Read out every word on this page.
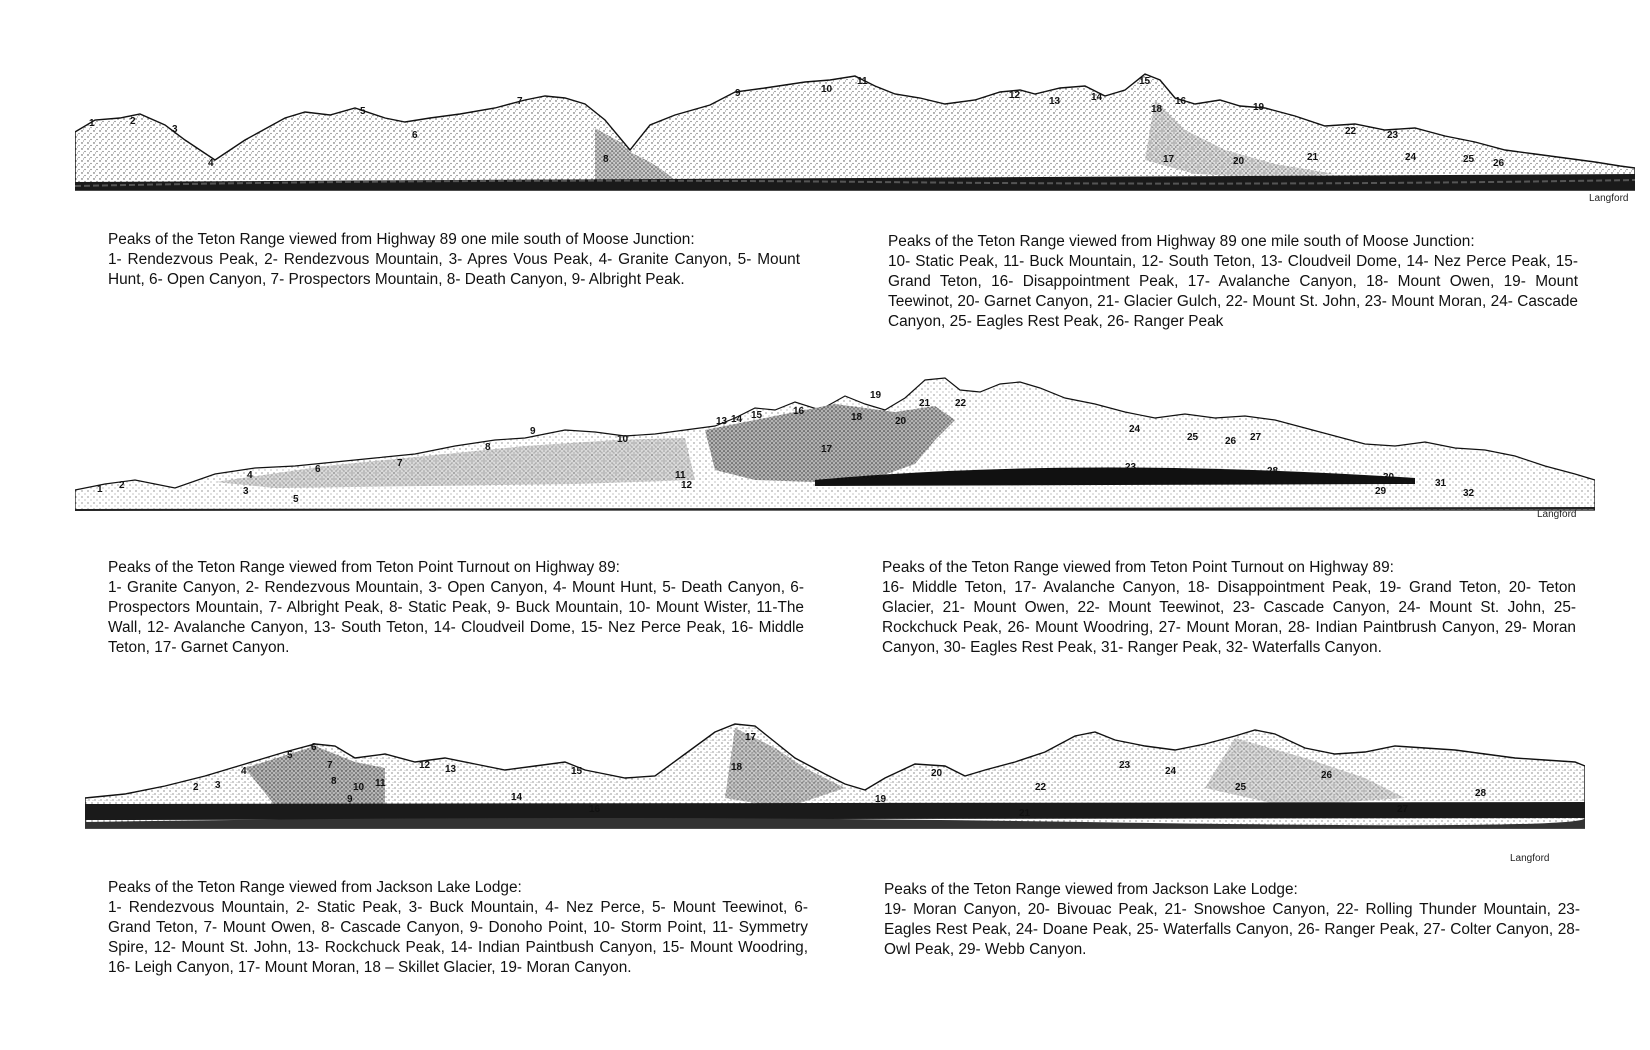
1	2
3
4
5
6
7
8
9	10
11
12
13	14
15
16
17
18	19
20	21
22	23
24	25 26
Langford
Peaks of the Teton Range viewed from Highway 89 one mile south of Moose Junction:
1- Rendezvous Peak, 2- Rendezvous Mountain, 3- Apres Vous Peak, 4- Granite Canyon, 5- Mount Hunt, 6- Open Canyon, 7- Prospectors Mountain, 8- Death Canyon, 9- Albright Peak.
Peaks of the Teton Range viewed from Highway 89 one mile south of Moose Junction:
10- Static Peak, 11- Buck Mountain, 12- South Teton, 13- Cloudveil Dome, 14- Nez Perce Peak, 15- Grand Teton, 16- Disappointment Peak, 17- Avalanche Canyon, 18- Mount Owen, 19- Mount Teewinot, 20- Garnet Canyon, 21- Glacier Gulch, 22- Mount St. John, 23- Mount Moran, 24- Cascade Canyon, 25- Eagles Rest Peak, 26- Ranger Peak
1 2
3
4
5
6
7
8
9
10
11
12
13 14 15	16
17
18
19
20
21 22
23
24
25	26 27
28
29
30
31
32
Langford
Peaks of the Teton Range viewed from Teton Point Turnout on Highway 89:
1- Granite Canyon, 2- Rendezvous Mountain, 3- Open Canyon, 4- Mount Hunt, 5- Death Canyon, 6- Prospectors Mountain, 7- Albright Peak, 8- Static Peak, 9- Buck Mountain, 10- Mount Wister, 11-The Wall, 12- Avalanche Canyon, 13- South Teton, 14- Cloudveil Dome, 15- Nez Perce Peak, 16- Middle Teton, 17- Garnet Canyon.
Peaks of the Teton Range viewed from Teton Point Turnout on Highway 89:
16- Middle Teton, 17- Avalanche Canyon, 18- Disappointment Peak, 19- Grand Teton, 20- Teton Glacier, 21- Mount Owen, 22- Mount Teewinot, 23- Cascade Canyon, 24- Mount St. John, 25- Rockchuck Peak, 26- Mount Woodring, 27- Mount Moran, 28- Indian Paintbrush Canyon, 29- Moran Canyon, 30- Eagles Rest Peak, 31- Ranger Peak, 32- Waterfalls Canyon.
2 3
4
5
6
7
8
9
10 11
12 13
14
15
16
17
18
19
20
21
22
23
24
25
26
27
28
Langford
Peaks of the Teton Range viewed from Jackson Lake Lodge:
1- Rendezvous Mountain, 2- Static Peak, 3- Buck Mountain, 4- Nez Perce, 5- Mount Teewinot, 6- Grand Teton, 7- Mount Owen, 8- Cascade Canyon, 9- Donoho Point, 10- Storm Point, 11- Symmetry Spire, 12- Mount St. John, 13- Rockchuck Peak, 14- Indian Paintbush Canyon, 15- Mount Woodring, 16- Leigh Canyon, 17- Mount Moran, 18 – Skillet Glacier, 19- Moran Canyon.
Peaks of the Teton Range viewed from Jackson Lake Lodge:
19- Moran Canyon, 20- Bivouac Peak, 21- Snowshoe Canyon, 22- Rolling Thunder Mountain, 23- Eagles Rest Peak, 24- Doane Peak, 25- Waterfalls Canyon, 26- Ranger Peak, 27- Colter Canyon, 28- Owl Peak, 29- Webb Canyon.
